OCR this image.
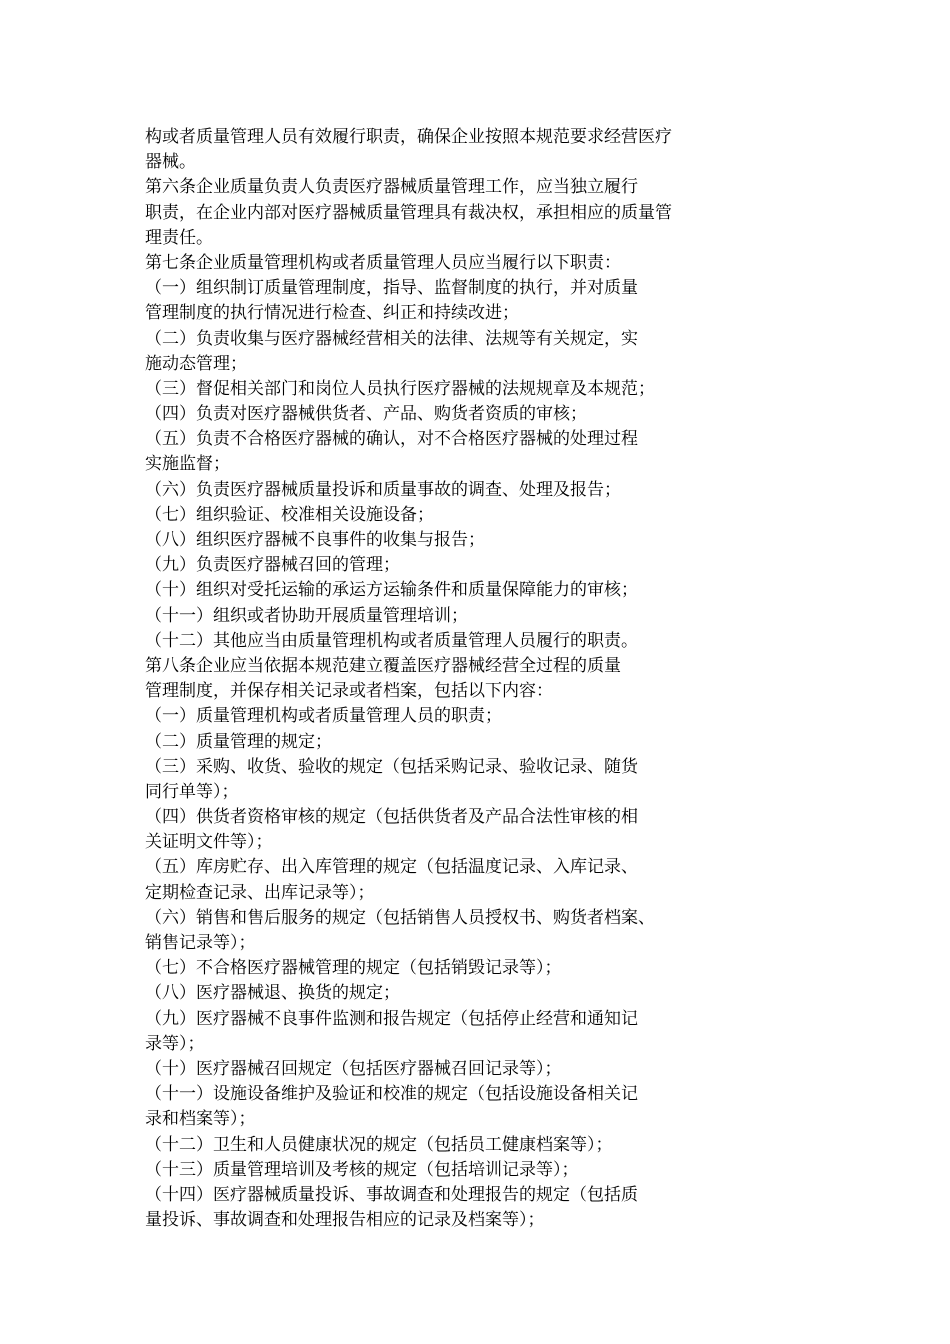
构或者质量管理人员有效履行职责，确保企业按照本规范要求经营医疗
器械。
第六条企业质量负责人负责医疗器械质量管理工作，应当独立履行
职责，在企业内部对医疗器械质量管理具有裁决权，承担相应的质量管
理责任。
第七条企业质量管理机构或者质量管理人员应当履行以下职责：
（一）组织制订质量管理制度，指导、监督制度的执行，并对质量
管理制度的执行情况进行检查、纠正和持续改进；
（二）负责收集与医疗器械经营相关的法律、法规等有关规定，实
施动态管理；
（三）督促相关部门和岗位人员执行医疗器械的法规规章及本规范；
（四）负责对医疗器械供货者、产品、购货者资质的审核；
（五）负责不合格医疗器械的确认，对不合格医疗器械的处理过程
实施监督；
（六）负责医疗器械质量投诉和质量事故的调查、处理及报告；
（七）组织验证、校准相关设施设备；
（八）组织医疗器械不良事件的收集与报告；
（九）负责医疗器械召回的管理；
（十）组织对受托运输的承运方运输条件和质量保障能力的审核；
（十一）组织或者协助开展质量管理培训；
（十二）其他应当由质量管理机构或者质量管理人员履行的职责。
第八条企业应当依据本规范建立覆盖医疗器械经营全过程的质量
管理制度，并保存相关记录或者档案，包括以下内容：
（一）质量管理机构或者质量管理人员的职责；
（二）质量管理的规定；
（三）采购、收货、验收的规定（包括采购记录、验收记录、随货
同行单等）；
（四）供货者资格审核的规定（包括供货者及产品合法性审核的相
关证明文件等）；
（五）库房贮存、出入库管理的规定（包括温度记录、入库记录、
定期检查记录、出库记录等）；
（六）销售和售后服务的规定（包括销售人员授权书、购货者档案、
销售记录等）；
（七）不合格医疗器械管理的规定（包括销毁记录等）；
（八）医疗器械退、换货的规定；
（九）医疗器械不良事件监测和报告规定（包括停止经营和通知记
录等）；
（十）医疗器械召回规定（包括医疗器械召回记录等）；
（十一）设施设备维护及验证和校准的规定（包括设施设备相关记
录和档案等）；
（十二）卫生和人员健康状况的规定（包括员工健康档案等）；
（十三）质量管理培训及考核的规定（包括培训记录等）；
（十四）医疗器械质量投诉、事故调查和处理报告的规定（包括质
量投诉、事故调查和处理报告相应的记录及档案等）；
